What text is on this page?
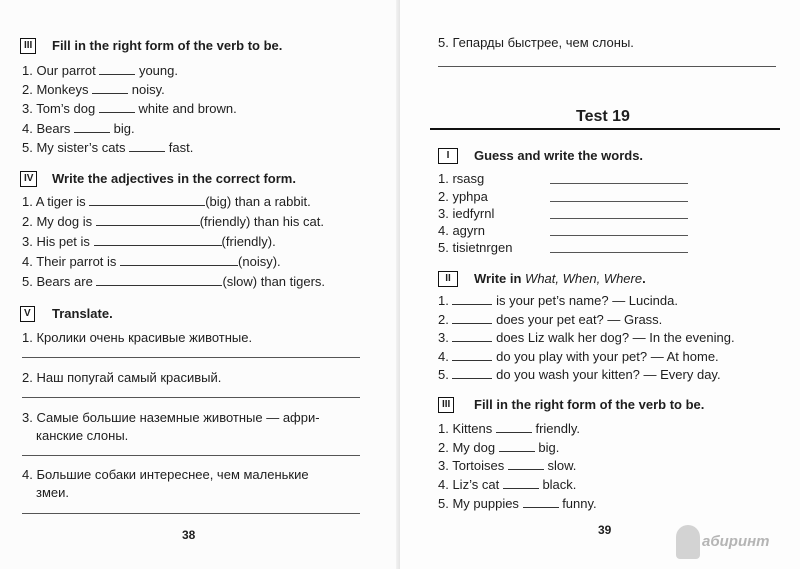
III	Fill in the right form of the verb to be.
1. Our parrot	young.
2. Monkeys	noisy.
3. Tom’s dog	white and brown.
4. Bears	big.
5. My sister’s cats	fast.
IV	Write the adjectives in the correct form.
1. A tiger is	(big) than a rabbit.
2. My dog is	(friendly) than his cat.
3. His pet is	(friendly).
4. Their parrot is	(noisy).
5. Bears are	(slow) than tigers.
V	Translate.
1. Кролики очень красивые животные.
2. Наш попугай самый красивый.
3. Самые большие наземные животные — афри-
канские слоны.
4. Большие собаки интереснее, чем маленькие
змеи.
38
5. Гепарды быстрее, чем слоны.
Test 19
I	Guess and write the words.
1. rsasg
2. yphpa
3. iedfyrnl
4. agyrn
5. tisietnrgen
II	Write in What, When, Where.
1.	is your pet’s name? — Lucinda.
2.	does your pet eat? — Grass.
3.	does Liz walk her dog? — In the evening.
4.	do you play with your pet? — At home.
5.	do you wash your kitten? — Every day.
III	Fill in the right form of the verb to be.
1. Kittens	friendly.
2. My dog	big.
3. Tortoises	slow.
4. Liz’s cat	black.
5. My puppies	funny.
39
абиринт
